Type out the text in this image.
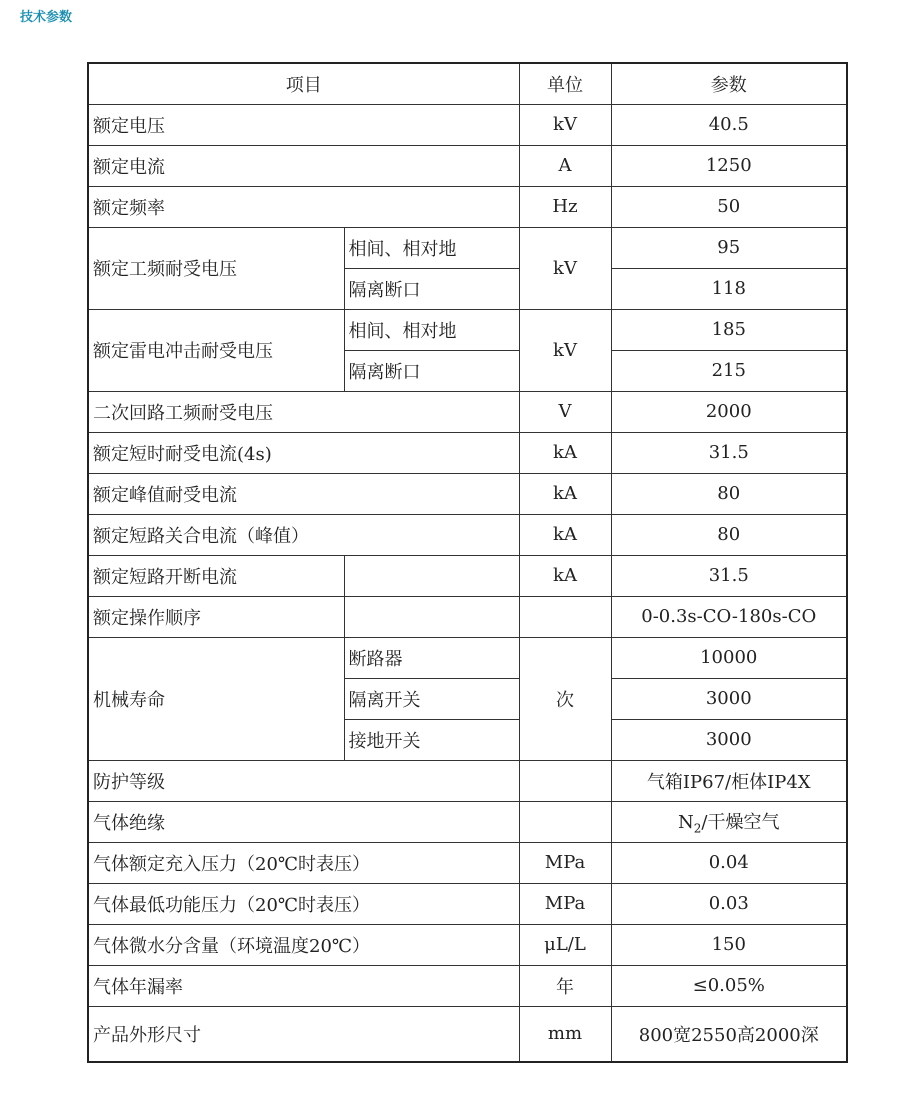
技术参数
项目		单位	参数
额定电压		kV	40.5
额定电流		A	1250
额定频率		Hz	50
额定工频耐受电压	相间、相对地	kV	95
	隔离断口		118
额定雷电冲击耐受电压	相间、相对地	kV	185
	隔离断口		215
二次回路工频耐受电压		V	2000
额定短时耐受电流(4s)		kA	31.5
额定峰值耐受电流		kA	80
额定短路关合电流（峰值）		kA	80
额定短路开断电流		kA	31.5
额定操作顺序			0-0.3s-CO-180s-CO
机械寿命	断路器	次	10000
	隔离开关		3000
	接地开关		3000
防护等级			气箱IP67/柜体IP4X
气体绝缘			$N_2/$干燥空气
气体额定充入压力（20℃时表压）		MPa	0.04
气体最低功能压力（20℃时表压）		MPa	0.03
气体微水分含量（环境温度20℃）		μL/L	150
气体年漏率		年	≤0.05%
产品外形尺寸		mm	800宽2550高2000深
